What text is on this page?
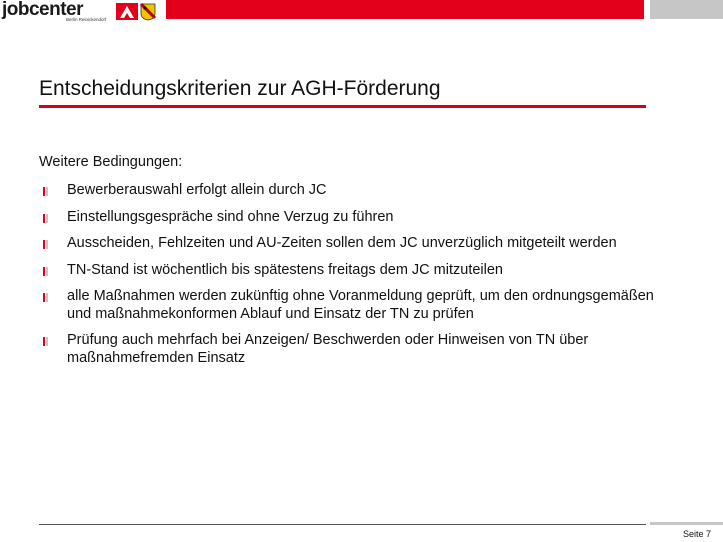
jobcenter
Berlin Reinickendorf
Entscheidungskriterien zur AGH-Förderung
Weitere Bedingungen:
Bewerberauswahl erfolgt allein durch JC
Einstellungsgespräche sind ohne Verzug zu führen
Ausscheiden, Fehlzeiten und AU-Zeiten sollen dem JC unverzüglich mitgeteilt werden
TN-Stand ist wöchentlich bis spätestens freitags dem JC mitzuteilen
alle Maßnahmen werden zukünftig ohne Voranmeldung geprüft, um den ordnungsgemäßen und maßnahmekonformen Ablauf und Einsatz der TN zu prüfen
Prüfung auch mehrfach bei Anzeigen/ Beschwerden oder Hinweisen von TN über maßnahmefremden Einsatz
Seite 7
